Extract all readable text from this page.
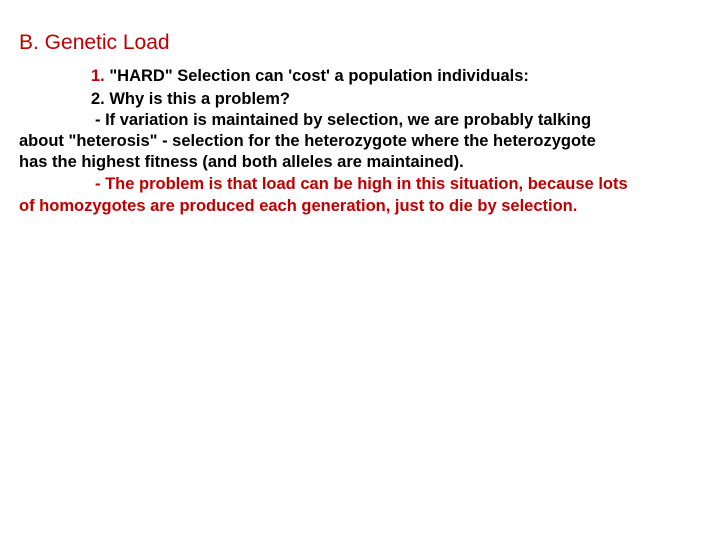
B. Genetic Load
1. "HARD" Selection can 'cost' a population individuals:
2. Why is this a problem?
- If variation is maintained by selection, we are probably talking
about "heterosis" - selection for the heterozygote where the heterozygote
has the highest fitness (and both alleles are maintained).
- The problem is that load can be high in this situation, because lots
of homozygotes are produced each generation, just to die by selection.
